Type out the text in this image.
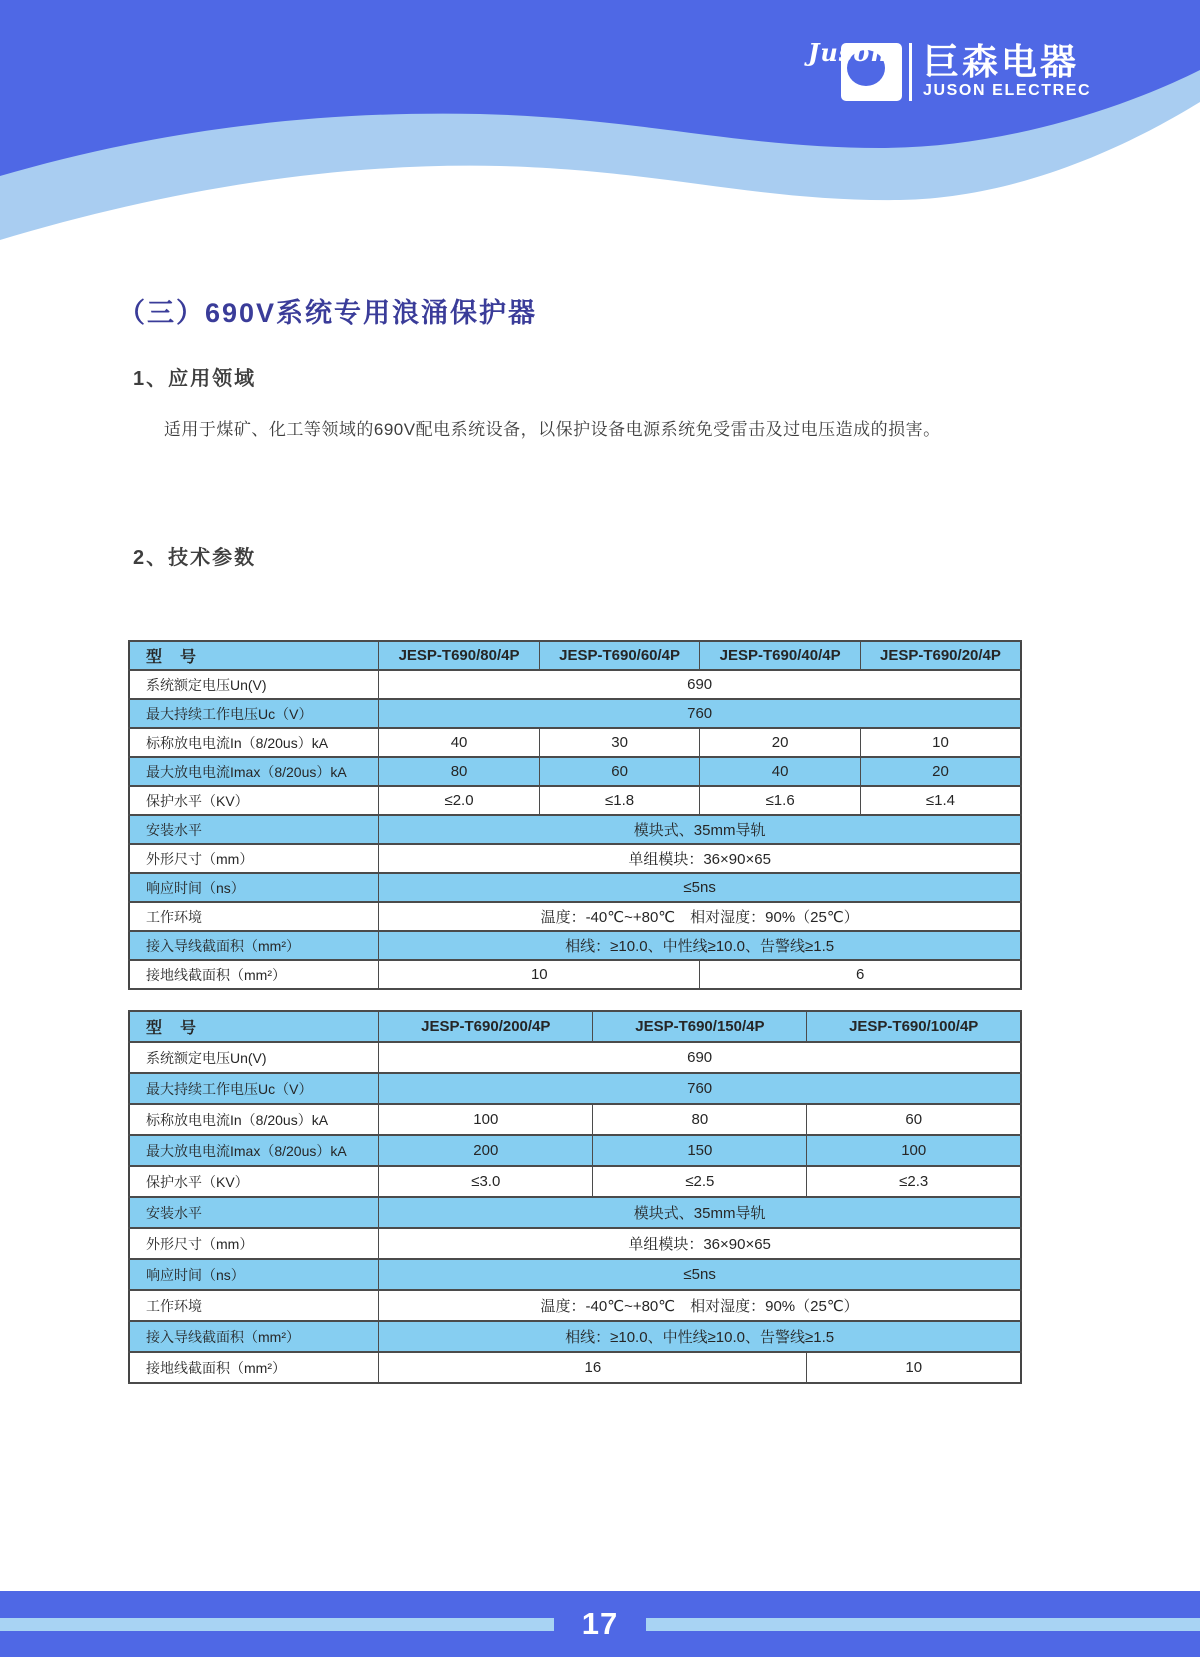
Juson 巨森电器
JUSON ELECTREC
（三）690V系统专用浪涌保护器
1、应用领域

适用于煤矿、化工等领域的690V配电系统设备，以保护设备电源系统免受雷击及过电压造成的损害。

2、技术参数
型　号	JESP-T690/80/4P	JESP-T690/60/4P	JESP-T690/40/4P	JESP-T690/20/4P
系统额定电压Un(V)	690			
最大持续工作电压Uc（V）	760			
标称放电电流In（8/20us）kA	40	30	20	10
最大放电电流Imax（8/20us）kA	80	60	40	20
保护水平（KV）	≤2.0	≤1.8	≤1.6	≤1.4
安装水平	模块式、35mm导轨			
外形尺寸（mm）	单组模块：36×90×65			
响应时间（ns）	≤5ns			
工作环境	温度：-40℃~+80℃　相对湿度：90%（25℃）			
接入导线截面积（mm²）	相线：≥10.0、中性线≥10.0、告警线≥1.5			
接地线截面积（mm²）	10		6	
型　号	JESP-T690/200/4P	JESP-T690/150/4P	JESP-T690/100/4P
系统额定电压Un(V)	690		
最大持续工作电压Uc（V）	760		
标称放电电流In（8/20us）kA	100	80	60
最大放电电流Imax（8/20us）kA	200	150	100
保护水平（KV）	≤3.0	≤2.5	≤2.3
安装水平	模块式、35mm导轨		
外形尺寸（mm）	单组模块：36×90×65		
响应时间（ns）	≤5ns		
工作环境	温度：-40℃~+80℃　相对湿度：90%（25℃）		
接入导线截面积（mm²）	相线：≥10.0、中性线≥10.0、告警线≥1.5		
接地线截面积（mm²）	16		10
17
